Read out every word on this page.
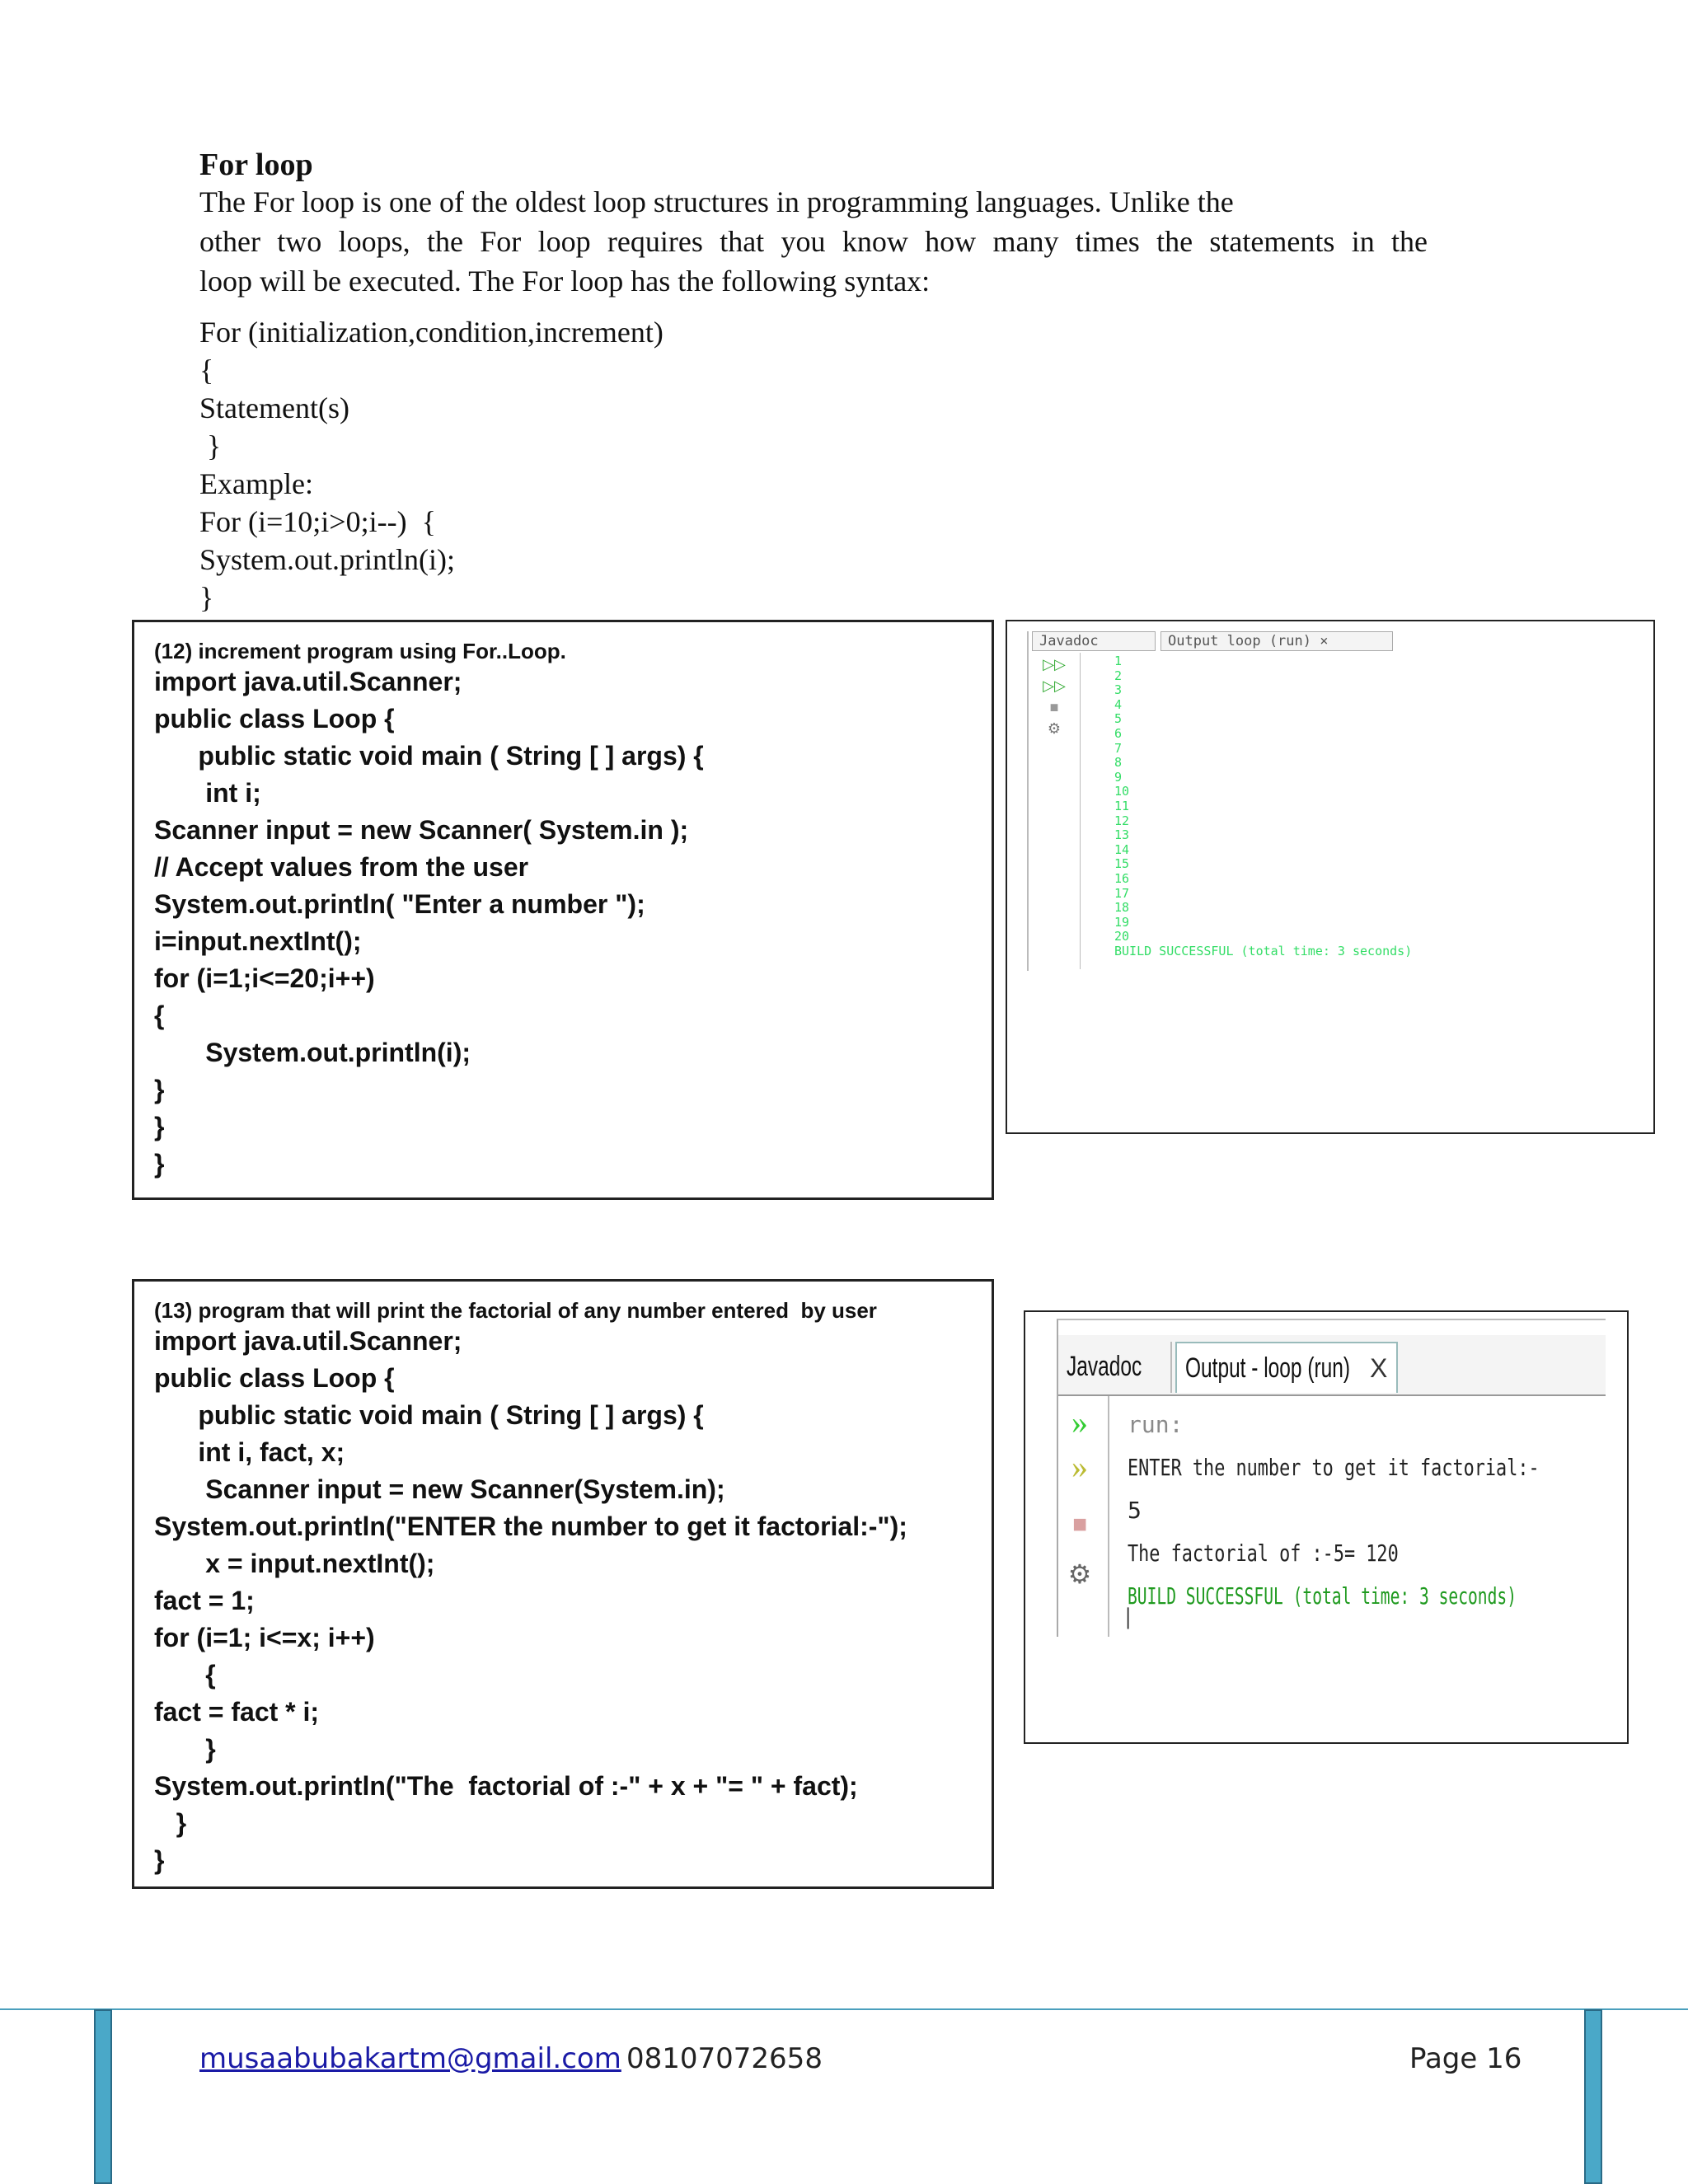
For loop
The For loop is one of the oldest loop structures in programming languages. Unlike the
other two loops, the For loop requires that you know how many times the statements in the
loop will be executed. The For loop has the following syntax:
For (initialization,condition,increment)
{
Statement(s)
}
Example:
For (i=10;i>0;i--)  {
System.out.println(i);
}
(12) increment program using For..Loop.
import java.util.Scanner;
public class Loop {
public static void main ( String [ ] args) {
int i;
Scanner input = new Scanner( System.in );
// Accept values from the user
System.out.println( "Enter a number ");
i=input.nextInt();
for (i=1;i<=20;i++)
{
System.out.println(i);
}
}
}
Javadoc	Output loop (run) ×
▷▷
▷▷
■
⚙
1
2
3
4
5
6
7
8
9
10
11
12
13
14
15
16
17
18
19
20
BUILD SUCCESSFUL (total time: 3 seconds)
(13) program that will print the factorial of any number entered  by user
import java.util.Scanner;
public class Loop {
public static void main ( String [ ] args) {
int i, fact, x;
Scanner input = new Scanner(System.in);
System.out.println("ENTER the number to get it factorial:-");
x = input.nextInt();
fact = 1;
for (i=1; i<=x; i++)
{
fact = fact * i;
}
System.out.println("The  factorial of :-" + x + "= " + fact);
}
}
Javadoc	Output - loop (run) X
»
»
■
⚙
run:
ENTER the number to get it factorial:-
5
The factorial of :-5= 120
BUILD SUCCESSFUL (total time: 3 seconds)
▏
musaabubakartm@gmail.com 08107072658	Page 16
